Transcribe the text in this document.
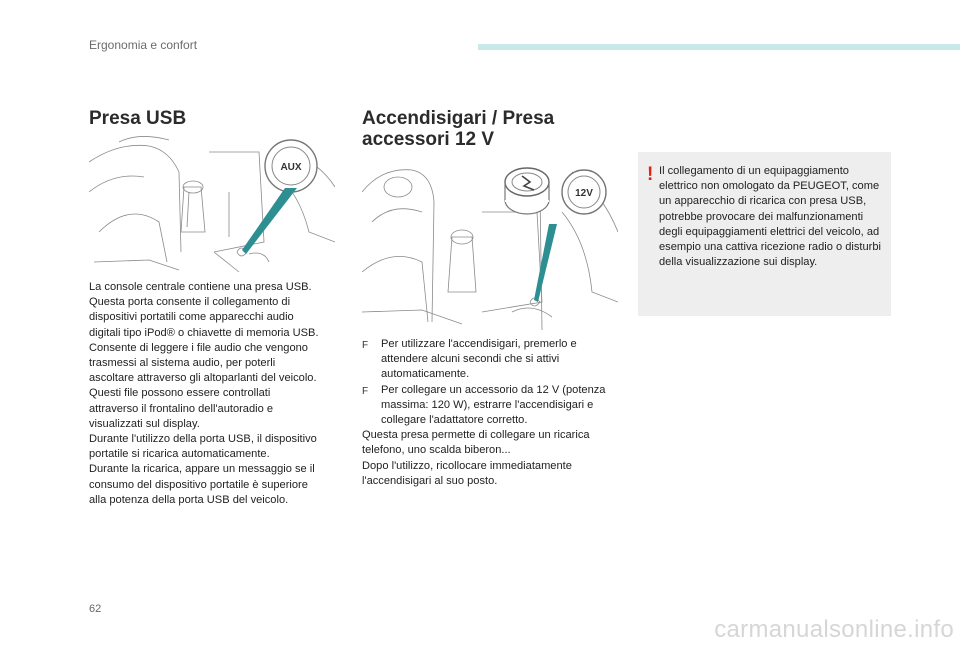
Ergonomia e confort
Presa USB
AUX
La console centrale contiene una presa USB.
Questa porta consente il collegamento di
dispositivi portatili come apparecchi audio
digitali tipo iPod® o chiavette di memoria USB.
Consente di leggere i file audio che vengono
trasmessi al sistema audio, per poterli
ascoltare attraverso gli altoparlanti del veicolo.
Questi file possono essere controllati
attraverso il frontalino dell'autoradio e
visualizzati sul display.
Durante l'utilizzo della porta USB, il dispositivo
portatile si ricarica automaticamente.
Durante la ricarica, appare un messaggio se il
consumo del dispositivo portatile è superiore
alla potenza della porta USB del veicolo.
Accendisigari / Presa accessori 12 V
12V
F	Per utilizzare l'accendisigari, premerlo e attendere alcuni secondi che si attivi automaticamente.
F	Per collegare un accessorio da 12 V (potenza massima: 120 W), estrarre l'accendisigari e collegare l'adattatore corretto.
Questa presa permette di collegare un ricarica telefono, uno scalda biberon...
Dopo l'utilizzo, ricollocare immediatamente l'accendisigari al suo posto.
! Il collegamento di un equipaggiamento elettrico non omologato da PEUGEOT, come un apparecchio di ricarica con presa USB, potrebbe provocare dei malfunzionamenti degli equipaggiamenti elettrici del veicolo, ad esempio una cattiva ricezione radio o disturbi della visualizzazione sui display.
62
carmanualsonline.info
